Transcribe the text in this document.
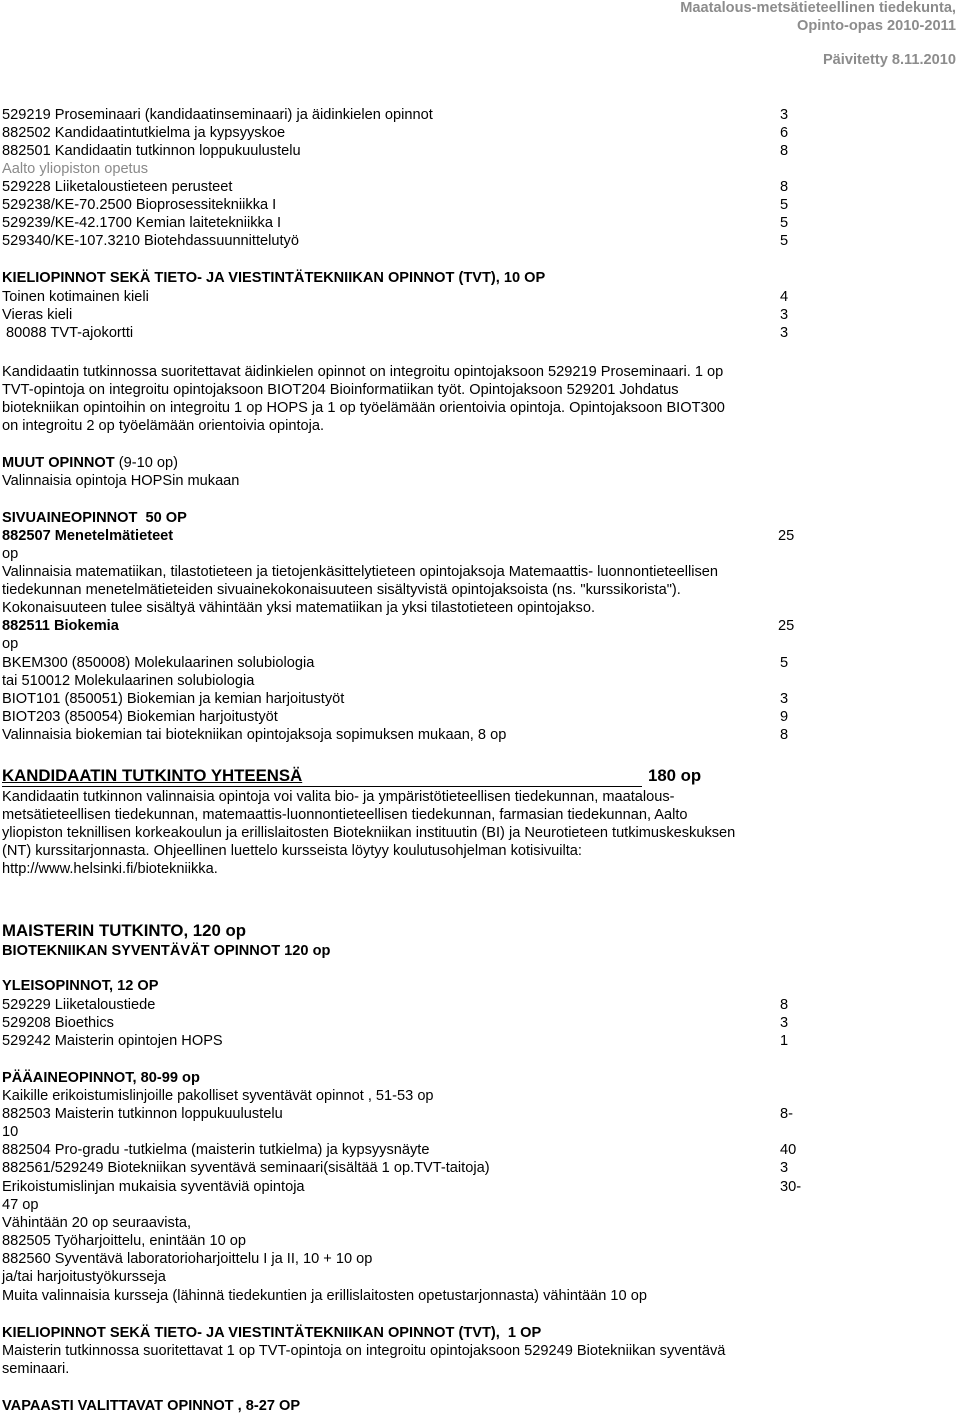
Maatalous-metsätieteellinen tiedekunta,
Opinto-opas 2010-2011
Päivitetty 8.11.2010
529219 Proseminaari (kandidaatinseminaari) ja äidinkielen opinnot	3
882502 Kandidaatintutkielma ja kypsyyskoe	6
882501 Kandidaatin tutkinnon loppukuulustelu	8
Aalto yliopiston opetus
529228 Liiketaloustieteen perusteet	8
529238/KE-70.2500 Bioprosessitekniikka I	5
529239/KE-42.1700 Kemian laitetekniikka I	5
529340/KE-107.3210 Biotehdassuunnittelutyö	5
KIELIOPINNOT SEKÄ TIETO- JA VIESTINTÄTEKNIIKAN OPINNOT (TVT), 10 OP
Toinen kotimainen kieli	4
Vieras kieli	3
80088 TVT-ajokortti	3
Kandidaatin tutkinnossa suoritettavat äidinkielen opinnot on integroitu opintojaksoon 529219 Proseminaari. 1 op
TVT-opintoja on integroitu opintojaksoon BIOT204 Bioinformatiikan työt. Opintojaksoon 529201 Johdatus
biotekniikan opintoihin on integroitu 1 op HOPS ja 1 op työelämään orientoivia opintoja. Opintojaksoon BIOT300
on integroitu 2 op työelämään orientoivia opintoja.
MUUT OPINNOT (9-10 op)
Valinnaisia opintoja HOPSin mukaan
SIVUAINEOPINNOT  50 OP
882507 Menetelmätieteet	25
op
Valinnaisia matematiikan, tilastotieteen ja tietojenkäsittelytieteen opintojaksoja Matemaattis- luonnontieteellisen
tiedekunnan menetelmätieteiden sivuainekokonaisuuteen sisältyvistä opintojaksoista (ns. "kurssikorista").
Kokonaisuuteen tulee sisältyä vähintään yksi matematiikan ja yksi tilastotieteen opintojakso.
882511 Biokemia	25
op
BKEM300 (850008) Molekulaarinen solubiologia	5
tai 510012 Molekulaarinen solubiologia
BIOT101 (850051) Biokemian ja kemian harjoitustyöt	3
BIOT203 (850054) Biokemian harjoitustyöt	9
Valinnaisia biokemian tai biotekniikan opintojaksoja sopimuksen mukaan, 8 op	8
KANDIDAATIN TUTKINTO YHTEENSÄ	180 op
Kandidaatin tutkinnon valinnaisia opintoja voi valita bio- ja ympäristötieteellisen tiedekunnan, maatalous-
metsätieteellisen tiedekunnan, matemaattis-luonnontieteellisen tiedekunnan, farmasian tiedekunnan, Aalto
yliopiston teknillisen korkeakoulun ja erillislaitosten Biotekniikan instituutin (BI) ja Neurotieteen tutkimuskeskuksen
(NT) kurssitarjonnasta. Ohjeellinen luettelo kursseista löytyy koulutusohjelman kotisivuilta:
http://www.helsinki.fi/biotekniikka.
MAISTERIN TUTKINTO, 120 op
BIOTEKNIIKAN SYVENTÄVÄT OPINNOT 120 op
YLEISOPINNOT, 12 OP
529229 Liiketaloustiede	8
529208 Bioethics	3
529242 Maisterin opintojen HOPS	1
PÄÄAINEOPINNOT, 80-99 op
Kaikille erikoistumislinjoille pakolliset syventävät opinnot , 51-53 op
882503 Maisterin tutkinnon loppukuulustelu	8-
10
882504 Pro-gradu -tutkielma (maisterin tutkielma) ja kypsyysnäyte	40
882561/529249 Biotekniikan syventävä seminaari(sisältää 1 op.TVT-taitoja)	3
Erikoistumislinjan mukaisia syventäviä opintoja	30-
47 op
Vähintään 20 op seuraavista,
882505 Työharjoittelu, enintään 10 op
882560 Syventävä laboratorioharjoittelu I ja II, 10 + 10 op
ja/tai harjoitustyökursseja
Muita valinnaisia kursseja (lähinnä tiedekuntien ja erillislaitosten opetustarjonnasta) vähintään 10 op
KIELIOPINNOT SEKÄ TIETO- JA VIESTINTÄTEKNIIKAN OPINNOT (TVT),  1 OP
Maisterin tutkinnossa suoritettavat 1 op TVT-opintoja on integroitu opintojaksoon 529249 Biotekniikan syventävä
seminaari.
VAPAASTI VALITTAVAT OPINNOT , 8-27 OP
